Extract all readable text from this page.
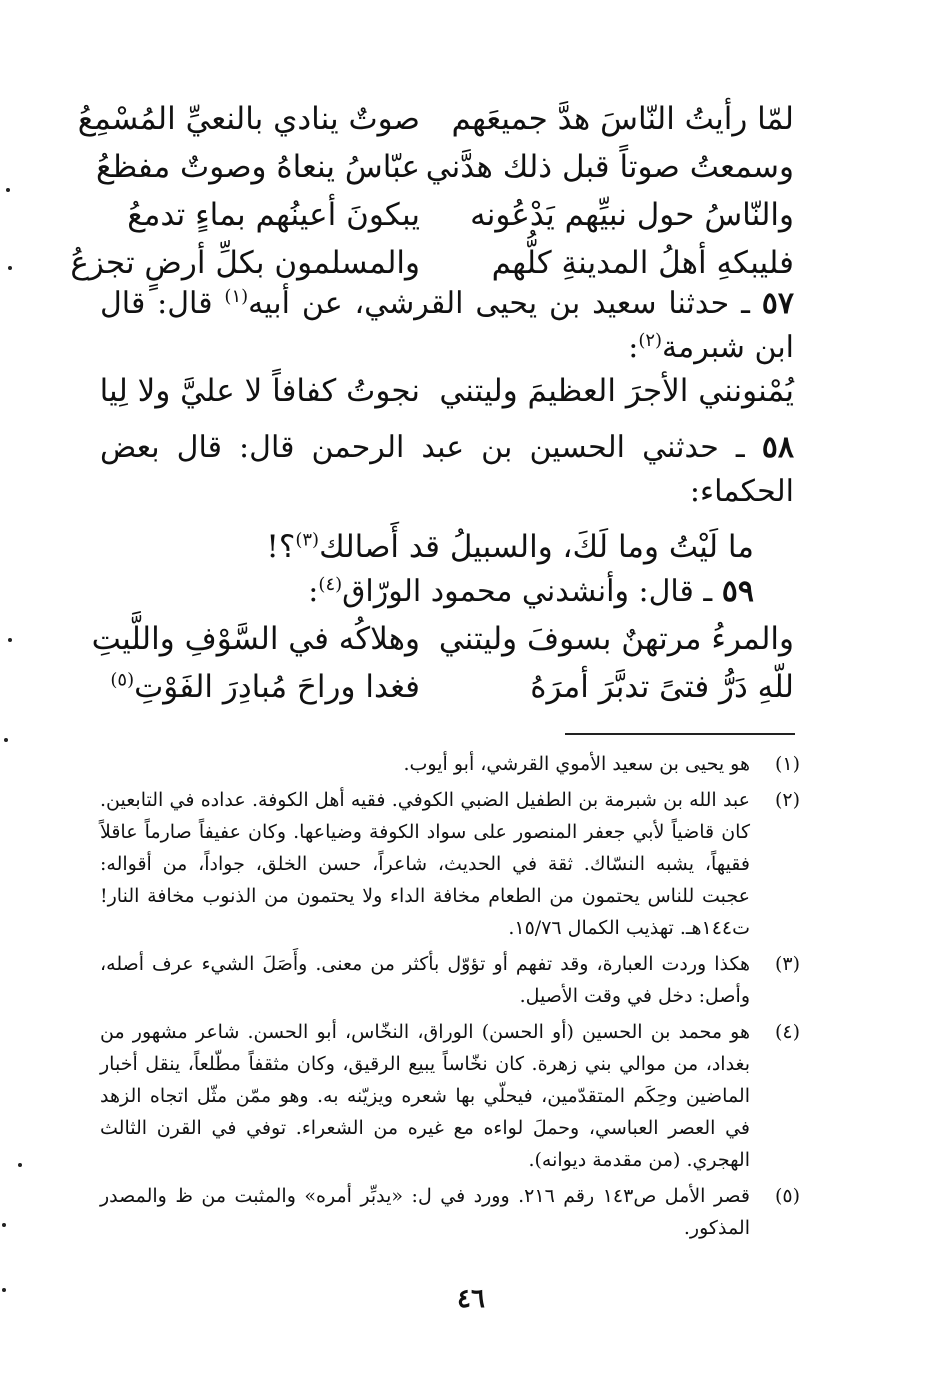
لمّا رأيتُ النّاسَ هدَّ جميعَهم
صوتٌ ينادي بالنعيِّ المُسْمِعُ
وسمعتُ صوتاً قبل ذلك هدَّني
عبّاسُ ينعاهُ وصوتٌ مفظعُ
والنّاسُ حول نبيِّهم يَدْعُونه
يبكونَ أعينُهم بماءٍ تدمعُ
فليبكهِ أهلُ المدينةِ كلُّهم
والمسلمون بكلِّ أرضٍ تجزعُ
٥٧ ـ حدثنا سعيد بن يحيى القرشي، عن أبيه$^{(١)}$ قال: قال ابن شبرمة$^{(٢)}$:
يُمْنونني الأجرَ العظيمَ وليتني
نجوتُ كفافاً لا عليَّ ولا لِيا
٥٨ ـ حدثني الحسين بن عبد الرحمن قال: قال بعض الحكماء:
ما لَيْتُ وما لَكَ، والسبيلُ قد أَصالك$^{(٣)}$؟!
٥٩ ـ قال: وأنشدني محمود الورّاق$^{(٤)}$:
والمرءُ مرتهنٌ بسوفَ وليتني
وهلاكُه في السَّوْفِ واللَّيتِ
للّهِ دَرُّ فتىً تدبَّرَ أمرَهُ
فغدا وراحَ مُبادِرَ الفَوْتِ$^{(٥)}$
(١)
هو يحيى بن سعيد الأموي القرشي، أبو أيوب.
(٢)
عبد الله بن شبرمة بن الطفيل الضبي الكوفي. فقيه أهل الكوفة. عداده في التابعين. كان قاضياً لأبي جعفر المنصور على سواد الكوفة وضياعها. وكان عفيفاً صارماً عاقلاً فقيهاً، يشبه النسّاك. ثقة في الحديث، شاعراً، حسن الخلق، جواداً، من أقواله: عجبت للناس يحتمون من الطعام مخافة الداء ولا يحتمون من الذنوب مخافة النار! ت١٤٤هـ. تهذيب الكمال ١٥/٧٦.
(٣)
هكذا وردت العبارة، وقد تفهم أو تؤوّل بأكثر من معنى. وأَصَلَ الشيء عرف أصله، وأصل: دخل في وقت الأصيل.
(٤)
هو محمد بن الحسين (أو الحسن) الوراق، النخّاس، أبو الحسن. شاعر مشهور من بغداد، من موالي بني زهرة. كان نخّاساً يبيع الرقيق، وكان مثقفاً مطّلعاً، ينقل أخبار الماضين وحِكَم المتقدّمين، فيحلّي بها شعره ويزيّنه به. وهو ممّن مثّل اتجاه الزهد في العصر العباسي، وحملَ لواءه مع غيره من الشعراء. توفي في القرن الثالث الهجري. (من مقدمة ديوانه).
(٥)
قصر الأمل ص١٤٣ رقم ٢١٦. وورد في ل: «يدبِّر أمره» والمثبت من ظ والمصدر المذكور.
٤٦
